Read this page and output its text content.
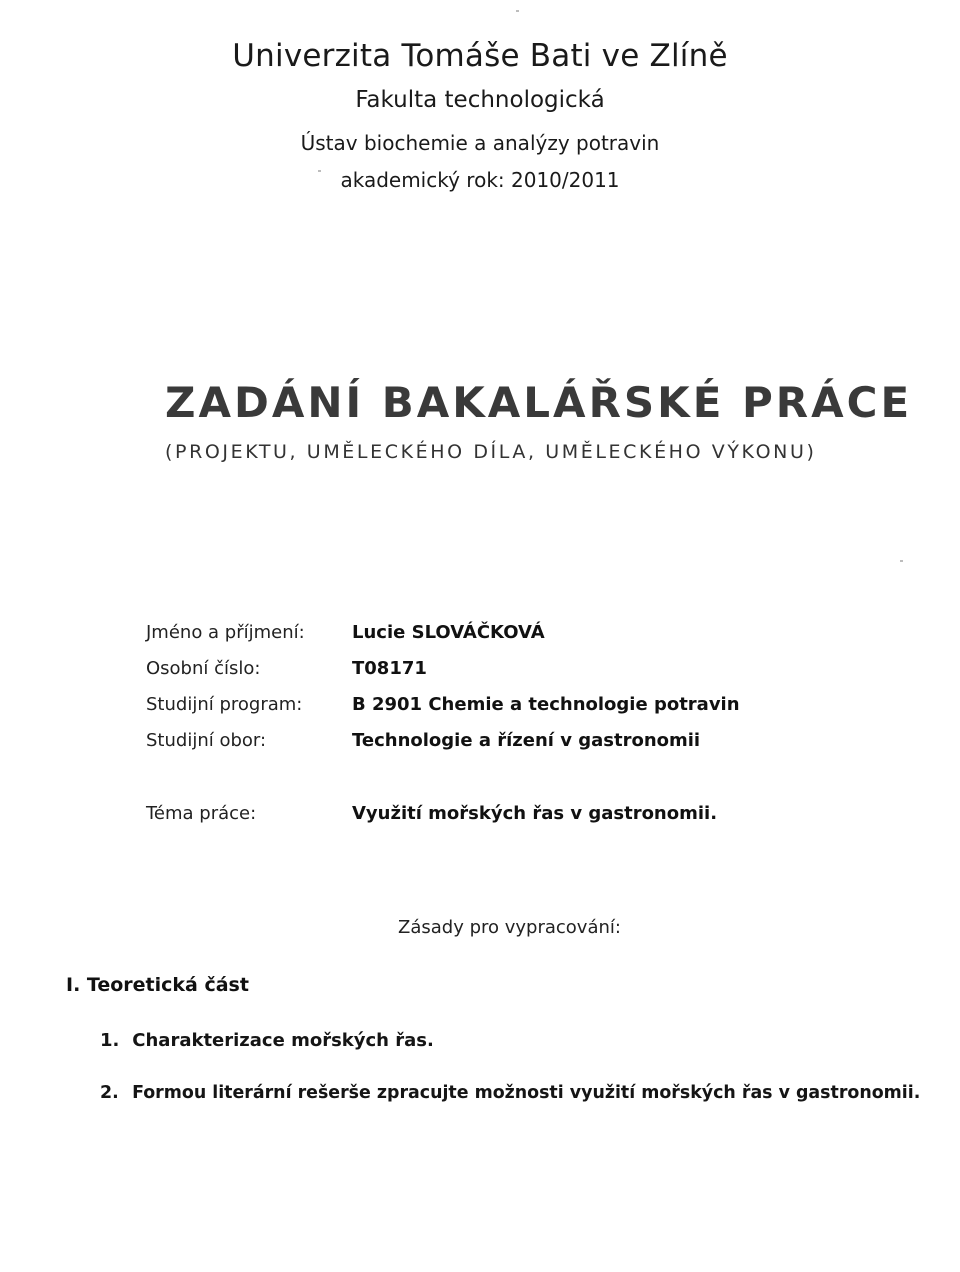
Univerzita Tomáše Bati ve Zlíně
Fakulta technologická
Ústav biochemie a analýzy potravin
akademický rok: 2010/2011
ZADÁNÍ BAKALÁŘSKÉ PRÁCE
(PROJEKTU, UMĚLECKÉHO DÍLA, UMĚLECKÉHO VÝKONU)
Jméno a příjmení:	Lucie SLOVÁČKOVÁ
Osobní číslo:	T08171
Studijní program:	B 2901 Chemie a technologie potravin
Studijní obor:	Technologie a řízení v gastronomii
Téma práce:	Využití mořských řas v gastronomii.
Zásady pro vypracování:
I. Teoretická část
1. Charakterizace mořských řas.
2. Formou literární rešerše zpracujte možnosti využití mořských řas v gastronomii.
